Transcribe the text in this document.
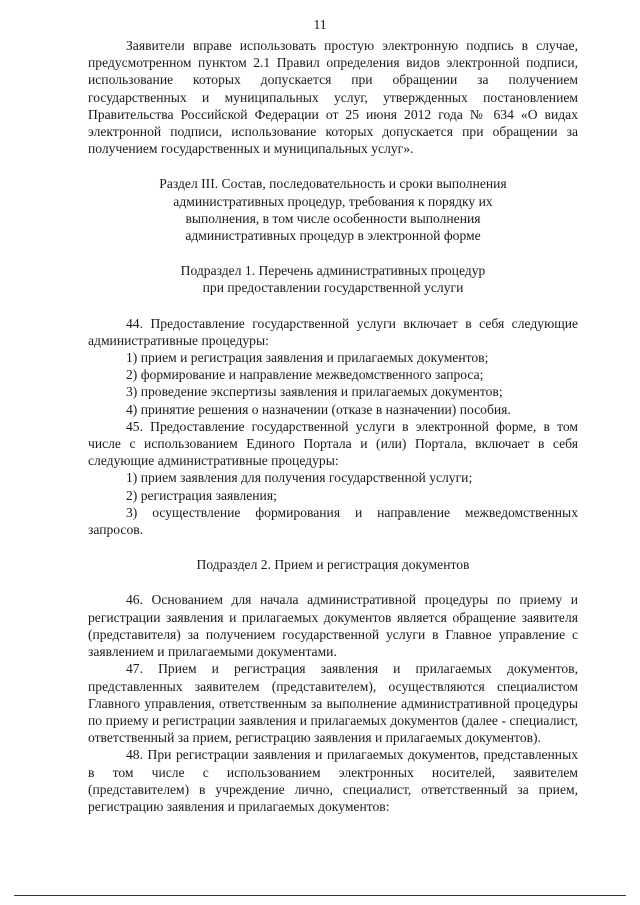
11

Заявители вправе использовать простую электронную подпись в случае, предусмотренном пунктом 2.1 Правил определения видов электронной подписи, использование которых допускается при обращении за получением государственных и муниципальных услуг, утвержденных постановлением Правительства Российской Федерации от 25 июня 2012 года № 634 «О видах электронной подписи, использование которых допускается при обращении за получением государственных и муниципальных услуг».

Раздел III. Состав, последовательность и сроки выполнения

административных процедур, требования к порядку их

выполнения, в том числе особенности выполнения

административных процедур в электронной форме

Подраздел 1. Перечень административных процедур

при предоставлении государственной услуги

44. Предоставление государственной услуги включает в себя следующие административные процедуры:

1) прием и регистрация заявления и прилагаемых документов;

2) формирование и направление межведомственного запроса;

3) проведение экспертизы заявления и прилагаемых документов;

4) принятие решения о назначении (отказе в назначении) пособия.

45. Предоставление государственной услуги в электронной форме, в том числе с использованием Единого Портала и (или) Портала, включает в себя следующие административные процедуры:

1) прием заявления для получения государственной услуги;

2) регистрация заявления;

3) осуществление формирования и направление межведомственных запросов.

Подраздел 2. Прием и регистрация документов

46. Основанием для начала административной процедуры по приему и регистрации заявления и прилагаемых документов является обращение заявителя (представителя) за получением государственной услуги в Главное управление с заявлением и прилагаемыми документами.

47. Прием и регистрация заявления и прилагаемых документов, представленных заявителем (представителем), осуществляются специалистом Главного управления, ответственным за выполнение административной процедуры по приему и регистрации заявления и прилагаемых документов (далее - специалист, ответственный за прием, регистрацию заявления и прилагаемых документов).

48. При регистрации заявления и прилагаемых документов, представленных в том числе с использованием электронных носителей, заявителем (представителем) в учреждение лично, специалист, ответственный за прием, регистрацию заявления и прилагаемых документов:
